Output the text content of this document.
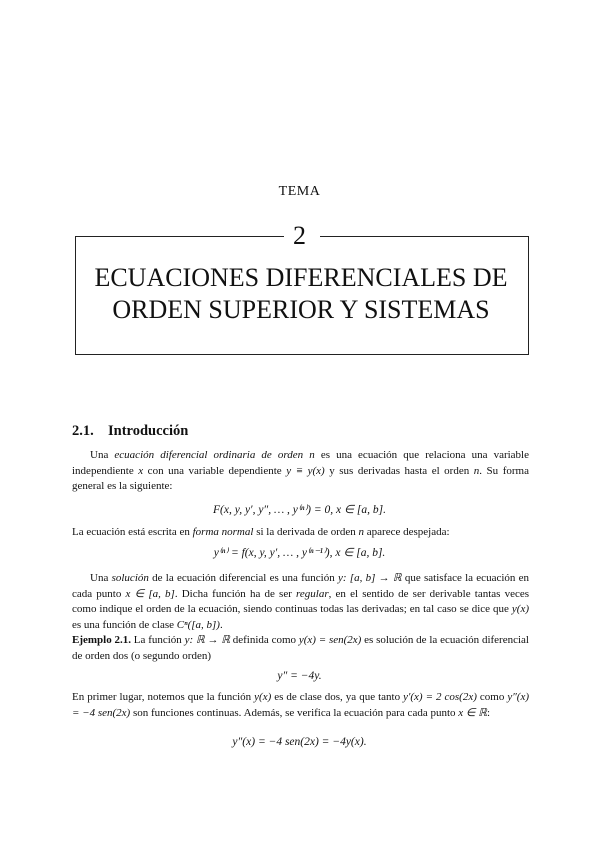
TEMA
2
ECUACIONES DIFERENCIALES DE
ORDEN SUPERIOR Y SISTEMAS
2.1. Introducción
Una ecuación diferencial ordinaria de orden n es una ecuación que relaciona una variable independiente x con una variable dependiente y ≡ y(x) y sus derivadas hasta el orden n. Su forma general es la siguiente:
F(x, y, y′, y″, … , y⁽ⁿ⁾) = 0, x ∈ [a, b].
La ecuación está escrita en forma normal si la derivada de orden n aparece despejada:
y⁽ⁿ⁾ = f(x, y, y′, … , y⁽ⁿ⁻¹⁾), x ∈ [a, b].
Una solución de la ecuación diferencial es una función y: [a, b] → ℝ que satisface la ecuación en cada punto x ∈ [a, b]. Dicha función ha de ser regular, en el sentido de ser derivable tantas veces como indique el orden de la ecuación, siendo continuas todas las derivadas; en tal caso se dice que y(x) es una función de clase Cⁿ([a, b]).
Ejemplo 2.1. La función y: ℝ → ℝ definida como y(x) = sen(2x) es solución de la ecuación diferencial de orden dos (o segundo orden)
y″ = −4y.
En primer lugar, notemos que la función y(x) es de clase dos, ya que tanto y′(x) = 2 cos(2x) como y″(x) = −4 sen(2x) son funciones continuas. Además, se verifica la ecuación para cada punto x ∈ ℝ:
y″(x) = −4 sen(2x) = −4y(x).
